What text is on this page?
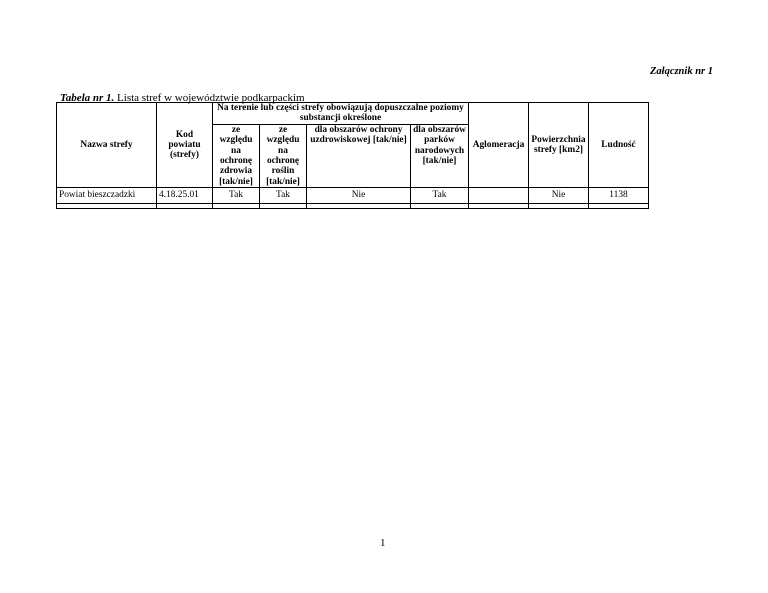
Załącznik nr 1
Tabela nr 1. Lista stref w województwie podkarpackim
Nazwa strefy	Kod powiatu (strefy)	Na terenie lub części strefy obowiązują dopuszczalne poziomy substancji określone				Aglomeracja	Powierzchnia strefy [km2]	Ludność
		ze względu na ochronę zdrowia [tak/nie]	ze względu na ochronę roślin [tak/nie]	dla obszarów ochrony uzdrowiskowej [tak/nie]	dla obszarów parków narodowych [tak/nie]			

Powiat bieszczadzki	4.18.25.01	Tak	Tak	Nie	Tak		Nie	1138

1
